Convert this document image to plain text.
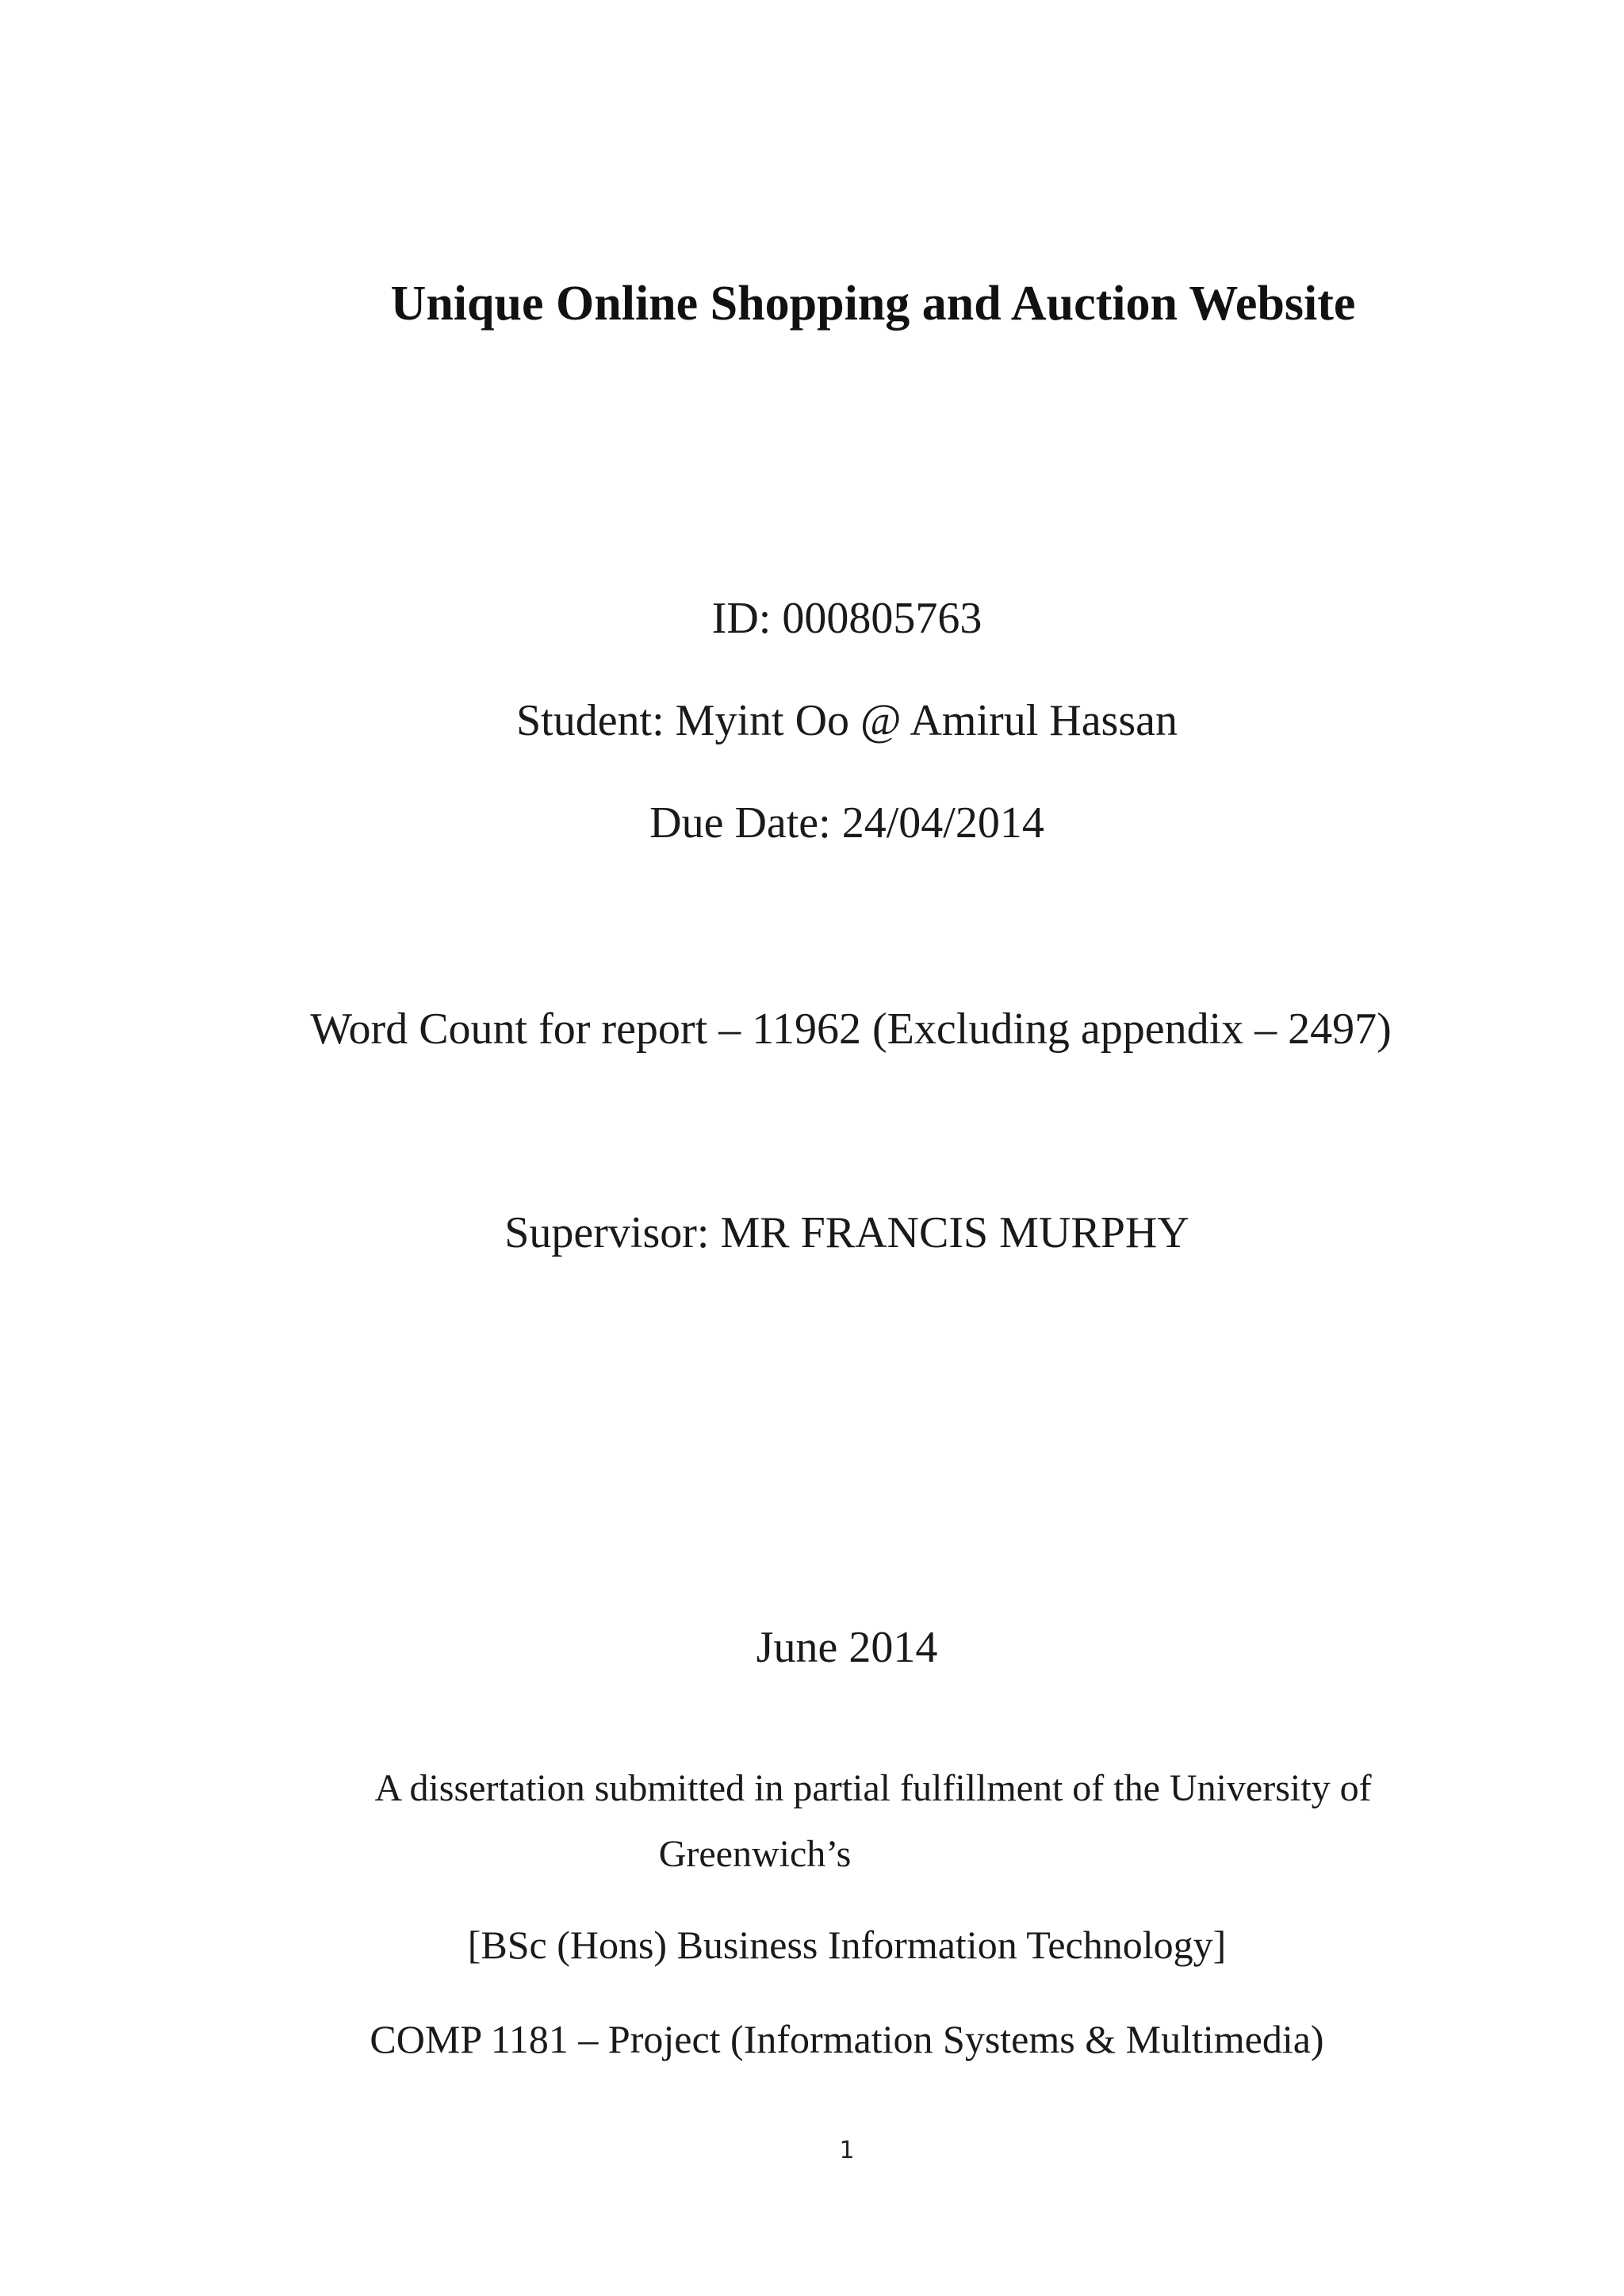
Unique Online Shopping and Auction Website
ID: 000805763
Student: Myint Oo @ Amirul Hassan
Due Date: 24/04/2014
Word Count for report – 11962 (Excluding appendix – 2497)
Supervisor: MR FRANCIS MURPHY
June 2014
A dissertation submitted in partial fulfillment of the University of
Greenwich’s
[BSc (Hons) Business Information Technology]
COMP 1181 – Project (Information Systems & Multimedia)
1
